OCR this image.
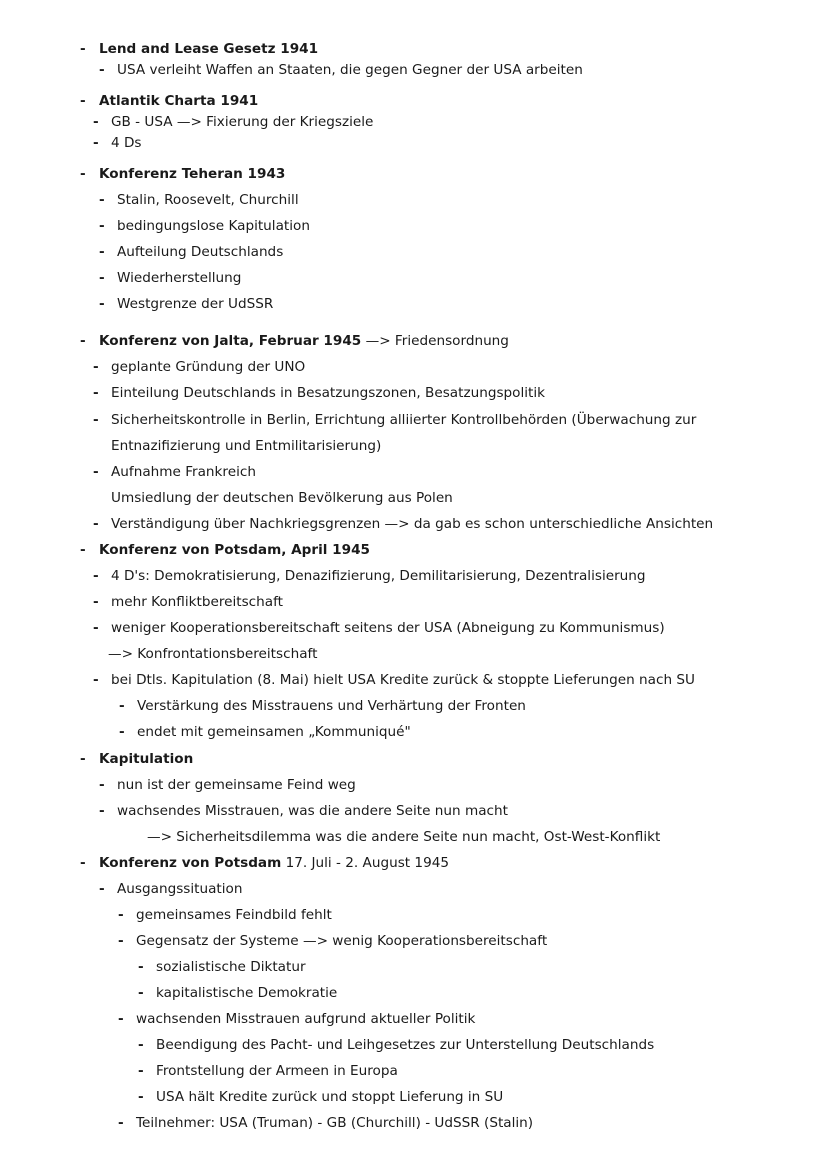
- Lend and Lease Gesetz 1941
- USA verleiht Waffen an Staaten, die gegen Gegner der USA arbeiten
- Atlantik Charta 1941
- GB - USA —> Fixierung der Kriegsziele
- 4 Ds
- Konferenz Teheran 1943
- Stalin, Roosevelt, Churchill
- bedingungslose Kapitulation
- Aufteilung Deutschlands
- Wiederherstellung
- Westgrenze der UdSSR
- Konferenz von Jalta, Februar 1945 —> Friedensordnung
- geplante Gründung der UNO
- Einteilung Deutschlands in Besatzungszonen, Besatzungspolitik
- Sicherheitskontrolle in Berlin, Errichtung alliierter Kontrollbehörden (Überwachung zur
Entnazifizierung und Entmilitarisierung)
- Aufnahme Frankreich
Umsiedlung der deutschen Bevölkerung aus Polen
- Verständigung über Nachkriegsgrenzen —> da gab es schon unterschiedliche Ansichten
- Konferenz von Potsdam, April 1945
- 4 D's: Demokratisierung, Denazifizierung, Demilitarisierung, Dezentralisierung
- mehr Konfliktbereitschaft
- weniger Kooperationsbereitschaft seitens der USA (Abneigung zu Kommunismus)
—> Konfrontationsbereitschaft
- bei Dtls. Kapitulation (8. Mai) hielt USA Kredite zurück & stoppte Lieferungen nach SU
- Verstärkung des Misstrauens und Verhärtung der Fronten
- endet mit gemeinsamen „Kommuniqué"
- Kapitulation
- nun ist der gemeinsame Feind weg
- wachsendes Misstrauen, was die andere Seite nun macht
—> Sicherheitsdilemma was die andere Seite nun macht, Ost-West-Konflikt
- Konferenz von Potsdam 17. Juli - 2. August 1945
- Ausgangssituation
- gemeinsames Feindbild fehlt
- Gegensatz der Systeme —> wenig Kooperationsbereitschaft
- sozialistische Diktatur
- kapitalistische Demokratie
- wachsenden Misstrauen aufgrund aktueller Politik
- Beendigung des Pacht- und Leihgesetzes zur Unterstellung Deutschlands
- Frontstellung der Armeen in Europa
- USA hält Kredite zurück und stoppt Lieferung in SU
- Teilnehmer: USA (Truman) - GB (Churchill) - UdSSR (Stalin)
